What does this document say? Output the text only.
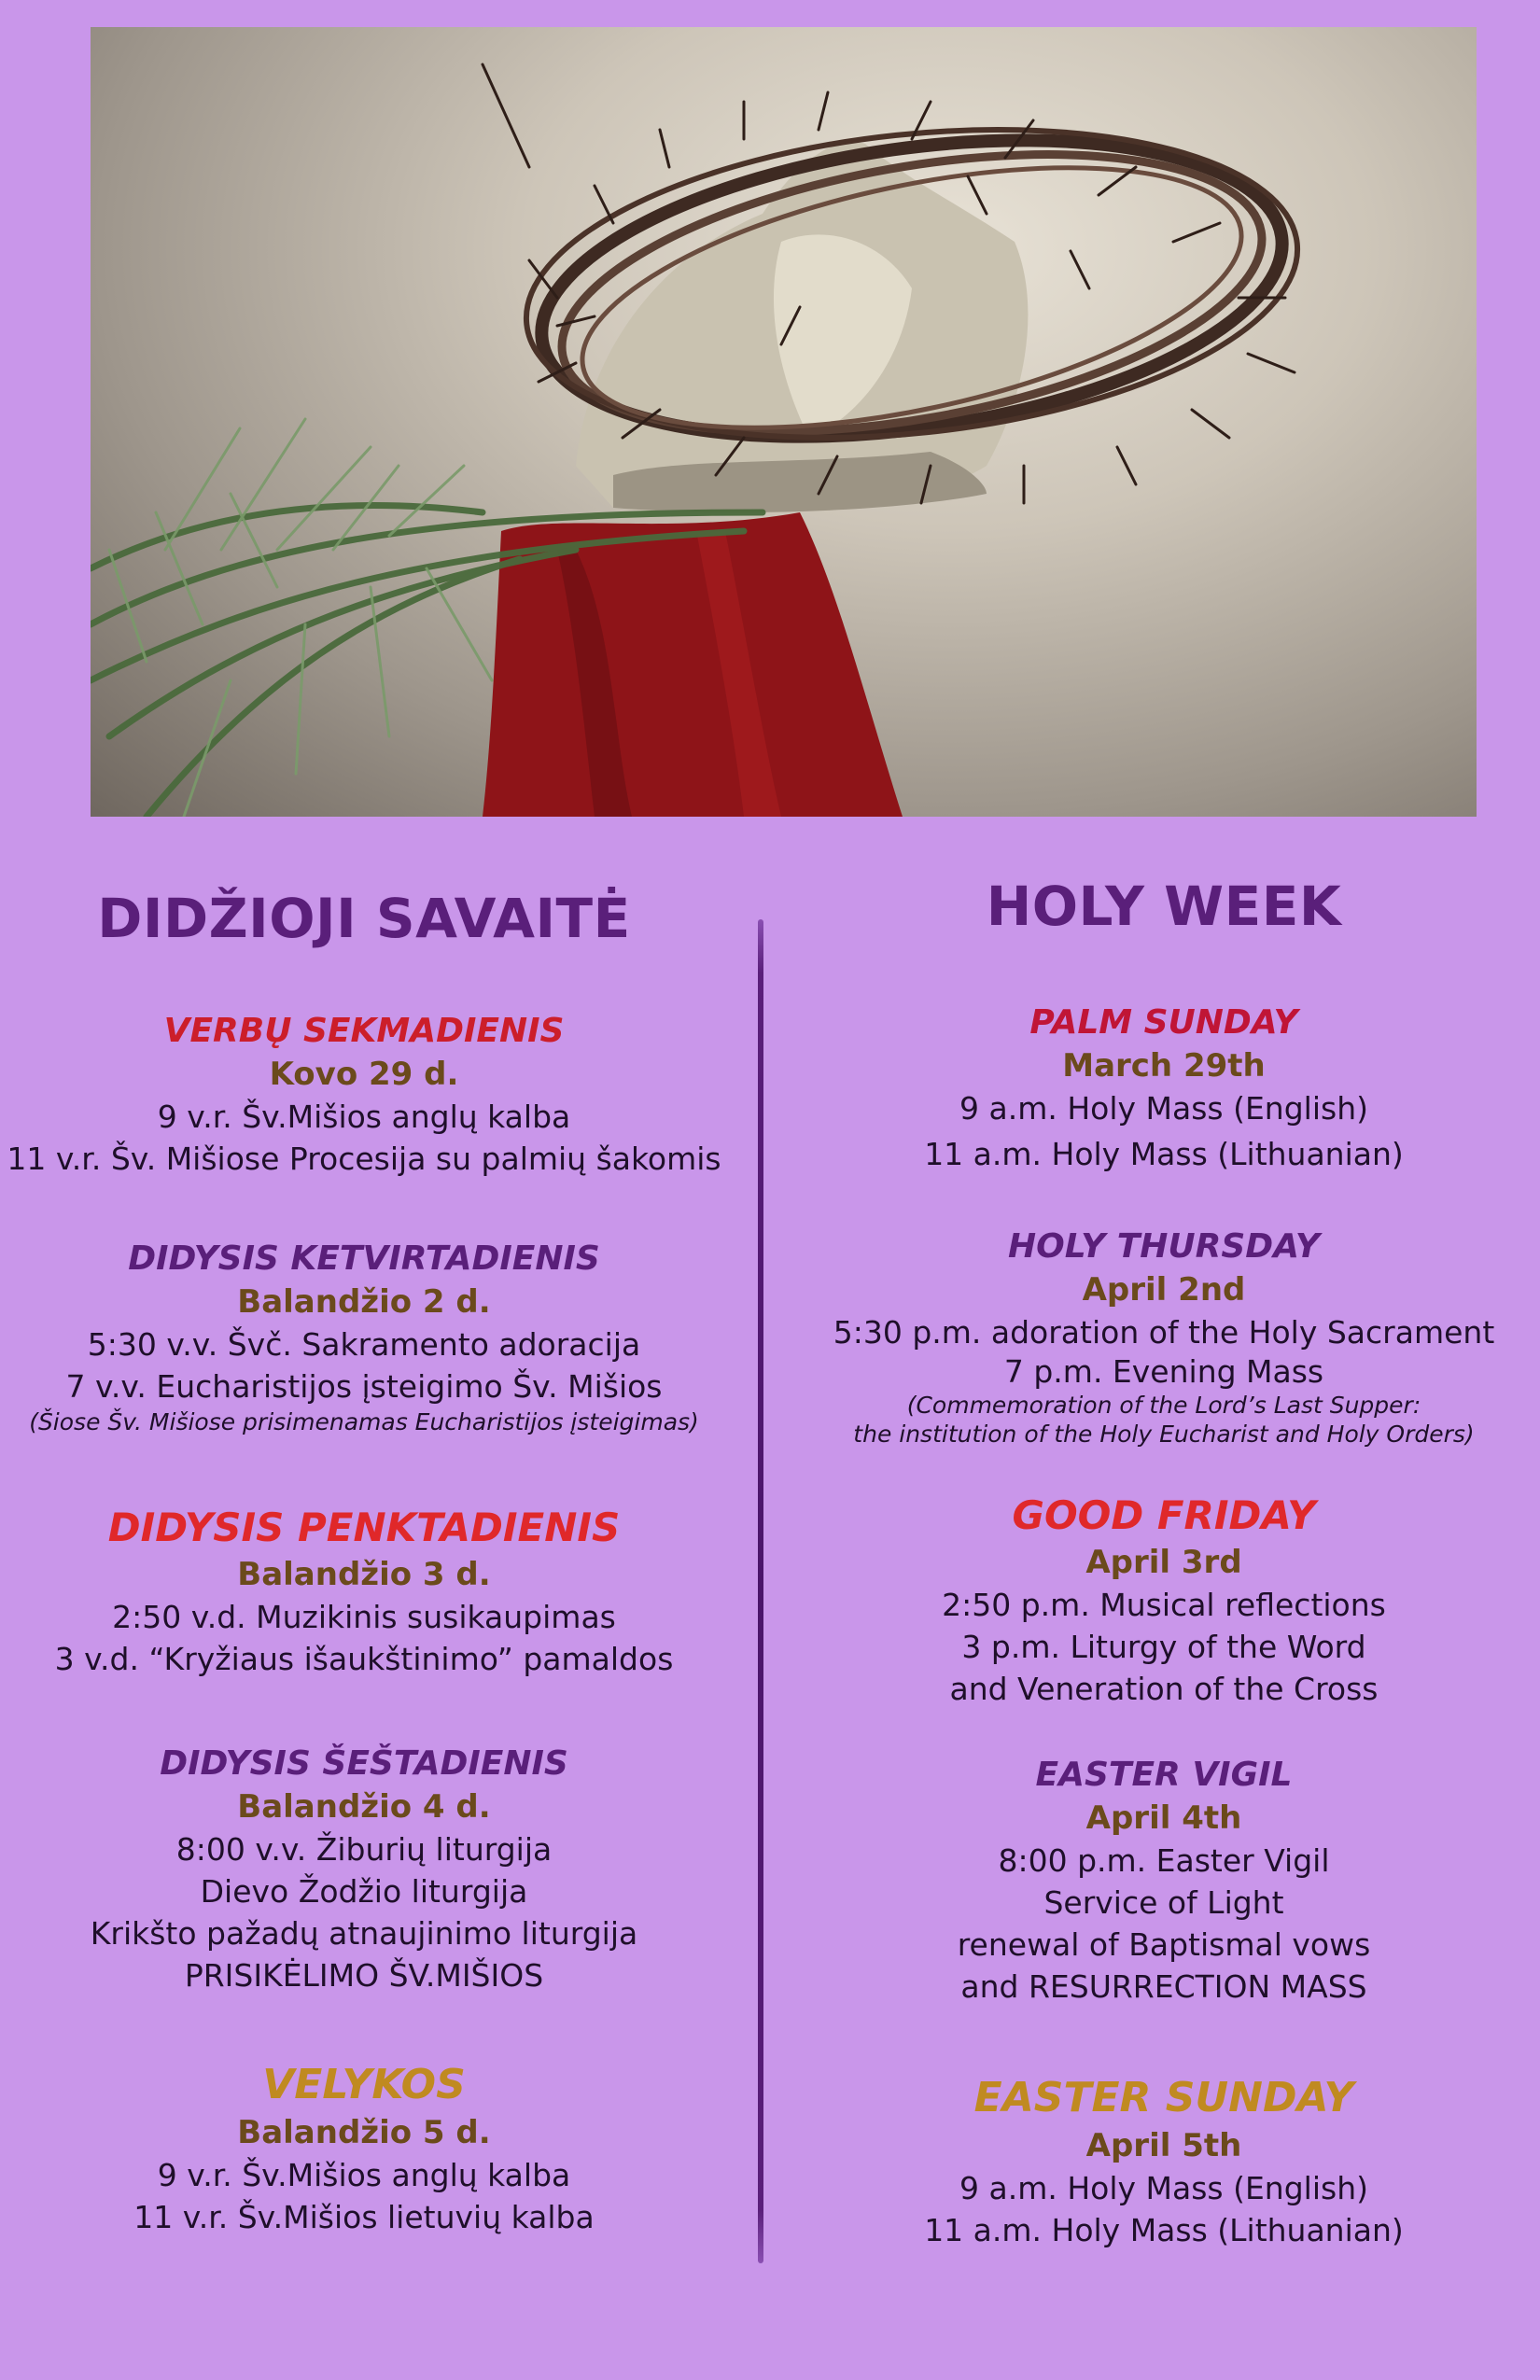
DIDŽIOJI SAVAITĖ
VERBŲ SEKMADIENIS
Kovo 29 d.
9 v.r. Šv.Mišios anglų kalba
11 v.r. Šv. Mišiose Procesija su palmių šakomis
DIDYSIS KETVIRTADIENIS
Balandžio 2 d.
5:30 v.v. Švč. Sakramento adoracija
7 v.v. Eucharistijos įsteigimo Šv. Mišios
(Šiose Šv. Mišiose prisimenamas Eucharistijos įsteigimas)
DIDYSIS PENKTADIENIS
Balandžio 3 d.
2:50 v.d. Muzikinis susikaupimas
3 v.d. “Kryžiaus išaukštinimo” pamaldos
DIDYSIS ŠEŠTADIENIS
Balandžio 4 d.
8:00 v.v. Žiburių liturgija
Dievo Žodžio liturgija
Krikšto pažadų atnaujinimo liturgija
PRISIKĖLIMO ŠV.MIŠIOS
VELYKOS
Balandžio 5 d.
9 v.r. Šv.Mišios anglų kalba
11 v.r. Šv.Mišios lietuvių kalba
HOLY WEEK
PALM SUNDAY
March 29th
9 a.m. Holy Mass (English)
11 a.m. Holy Mass (Lithuanian)
HOLY THURSDAY
April 2nd
5:30 p.m. adoration of the Holy Sacrament
7 p.m. Evening Mass
(Commemoration of the Lord’s Last Supper:
the institution of the Holy Eucharist and Holy Orders)
GOOD FRIDAY
April 3rd
2:50 p.m. Musical reflections
3 p.m. Liturgy of the Word
and Veneration of the Cross
EASTER VIGIL
April 4th
8:00 p.m. Easter Vigil
Service of Light
renewal of Baptismal vows
and RESURRECTION MASS
EASTER SUNDAY
April 5th
9 a.m. Holy Mass (English)
11 a.m. Holy Mass (Lithuanian)
